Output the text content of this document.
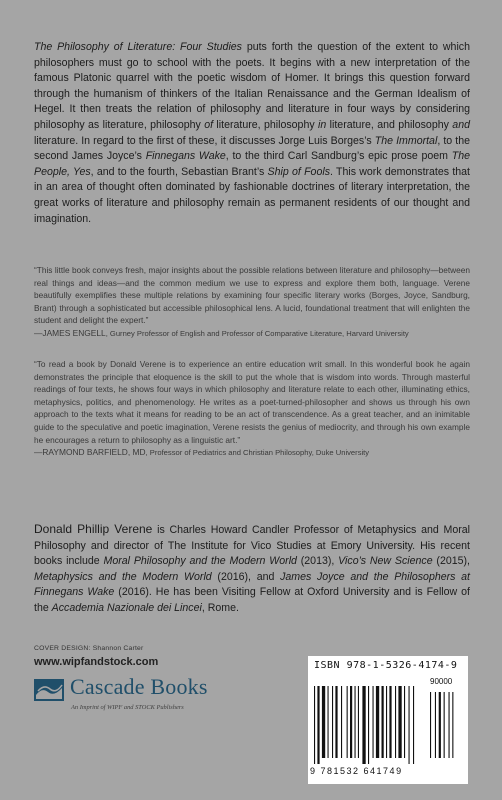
The Philosophy of Literature: Four Studies puts forth the question of the extent to which philosophers must go to school with the poets. It begins with a new interpretation of the famous Platonic quarrel with the poetic wisdom of Homer. It brings this question forward through the humanism of thinkers of the Italian Renaissance and the German Idealism of Hegel. It then treats the relation of philosophy and literature in four ways by considering philosophy as literature, philosophy of literature, philosophy in literature, and philosophy and literature. In regard to the first of these, it discusses Jorge Luis Borges’s The Immortal, to the second James Joyce’s Finnegans Wake, to the third Carl Sandburg’s epic prose poem The People, Yes, and to the fourth, Sebastian Brant’s Ship of Fools. This work demonstrates that in an area of thought often dominated by fashionable doctrines of literary interpretation, the great works of literature and philosophy remain as permanent residents of our thought and imagination.
“This little book conveys fresh, major insights about the possible relations between literature and philosophy—between real things and ideas—and the common medium we use to express and explore them both, language. Verene beautifully exemplifies these multiple relations by examining four specific literary works (Borges, Joyce, Sandburg, Brant) through a sophisticated but accessible philosophical lens. A lucid, foundational treatment that will enlighten the student and delight the expert.”
—JAMES ENGELL, Gurney Professor of English and Professor of Comparative Literature, Harvard University
“To read a book by Donald Verene is to experience an entire education writ small. In this wonderful book he again demonstrates the principle that eloquence is the skill to put the whole that is wisdom into words. Through masterful readings of four texts, he shows four ways in which philosophy and literature relate to each other, illuminating ethics, metaphysics, politics, and phenomenology. He writes as a poet-turned-philosopher and shows us through his own approach to the texts what it means for reading to be an act of transcendence. As a great teacher, and an inimitable guide to the speculative and poetic imagination, Verene resists the genius of mediocrity, and through his own example he encourages a return to philosophy as a linguistic art.”
—RAYMOND BARFIELD, MD, Professor of Pediatrics and Christian Philosophy, Duke University
Donald Phillip Verene is Charles Howard Candler Professor of Metaphysics and Moral Philosophy and director of The Institute for Vico Studies at Emory University. His recent books include Moral Philosophy and the Modern World (2013), Vico’s New Science (2015), Metaphysics and the Modern World (2016), and James Joyce and the Philosophers at Finnegans Wake (2016). He has been Visiting Fellow at Oxford University and is Fellow of the Accademia Nazionale dei Lincei, Rome.
COVER DESIGN: Shannon Carter
www.wipfandstock.com
Cascade Books
An Imprint of WIPF and STOCK Publishers
ISBN 978-1-5326-4174-9
90000
9 781532 641749
